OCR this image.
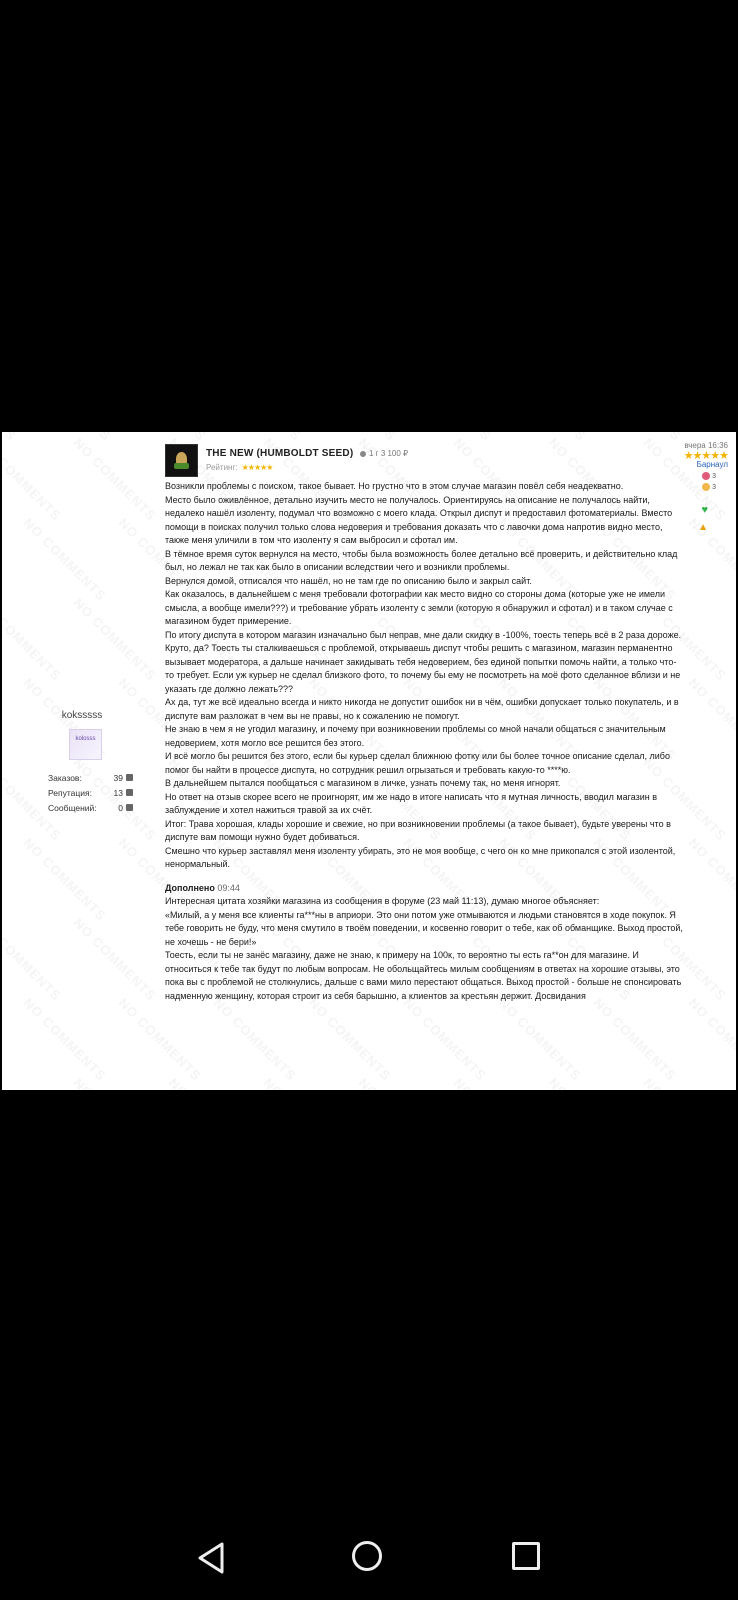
koksssss
kolosss
Заказов:	39
Репутация:	13
Сообщений:	0
THE NEW (HUMBOLDT SEED) 1 г 3 100 ₽
Рейтинг: ★★★★★
вчера 16:36
★★★★★
Барнаул
3
3
♥
▲

Возникли проблемы с поиском, такое бывает. Но грустно что в этом случае магазин повёл себя неадекватно.

Место было оживлённое, детально изучить место не получалось. Ориентируясь на описание не получалось найти, недалеко нашёл изоленту, подумал что возможно с моего клада. Открыл диспут и предоставил фотоматериалы. Вместо помощи в поисках получил только слова недоверия и требования доказать что с лавочки дома напротив видно место, также меня уличили в том что изоленту я сам выбросил и сфотал им.

В тёмное время суток вернулся на место, чтобы была возможность более детально всё проверить, и действительно клад был, но лежал не так как было в описании вследствии чего и возникли проблемы.

Вернулся домой, отписался что нашёл, но не там где по описанию было и закрыл сайт.

Как оказалось, в дальнейшем с меня требовали фотографии как место видно со стороны дома (которые уже не имели смысла, а вообще имели???) и требование убрать изоленту с земли (которую я обнаружил и сфотал) и в таком случае с магазином будет примерение.

По итогу диспута в котором магазин изначально был неправ, мне дали скидку в -100%, тоесть теперь всё в 2 раза дороже.

Круто, да? Тоесть ты сталкиваешься с проблемой, открываешь диспут чтобы решить с магазином, магазин перманентно вызывает модератора, а дальше начинает закидывать тебя недоверием, без единой попытки помочь найти, а только что-то требует. Если уж курьер не сделал близкого фото, то почему бы ему не посмотреть на моё фото сделанное вблизи и не указать где должно лежать???

Ах да, тут же всё идеально всегда и никто никогда не допустит ошибок ни в чём, ошибки допускает только покупатель, и в диспуте вам разложат в чем вы не правы, но к сожалению не помогут.

Не знаю в чем я не угодил магазину, и почему при возникновении проблемы со мной начали общаться с значительным недоверием, хотя могло все решится без этого.

И всё могло бы решится без этого, если бы курьер сделал ближнюю фотку или бы более точное описание сделал, либо помог бы найти в процессе диспута, но сотрудник решил огрызаться и требовать какую-то ****ю.

В дальнейшем пытался пообщаться с магазином в личке, узнать почему так, но меня игнорят.

Но ответ на отзыв скорее всего не проигнорят, им же надо в итоге написать что я мутная личность, вводил магазин в заблуждение и хотел нажиться травой за их счёт.

Итог: Трава хорошая, клады хорошие и свежие, но при возникновении проблемы (а такое бывает), будьте уверены что в диспуте вам помощи нужно будет добиваться.

Смешно что курьер заставлял меня изоленту убирать, это не моя вообще, с чего он ко мне прикопался с этой изолентой, ненормальный.

Дополнено 09:44

Интересная цитата хозяйки магазина из сообщения в форуме (23 май 11:13), думаю многое объясняет:

«Милый, а у меня все клиенты га***ны в априори. Это они потом уже отмываются и людьми становятся в ходе покупок. Я тебе говорить не буду, что меня смутило в твоём поведении, и косвенно говорит о тебе, как об обманщике. Выход простой, не хочешь - не бери!»

Тоесть, если ты не занёс магазину, даже не знаю, к примеру на 100к, то вероятно ты есть га**он для магазине. И относиться к тебе так будут по любым вопросам. Не обольщайтесь милым сообщениям в ответах на хорошие отзывы, это пока вы с проблемой не столкнулись, дальше с вами мило перестают общаться. Выход простой - больше не спонсировать надменную женщину, которая строит из себя барышню, а клиентов за крестьян держит. Досвидания
